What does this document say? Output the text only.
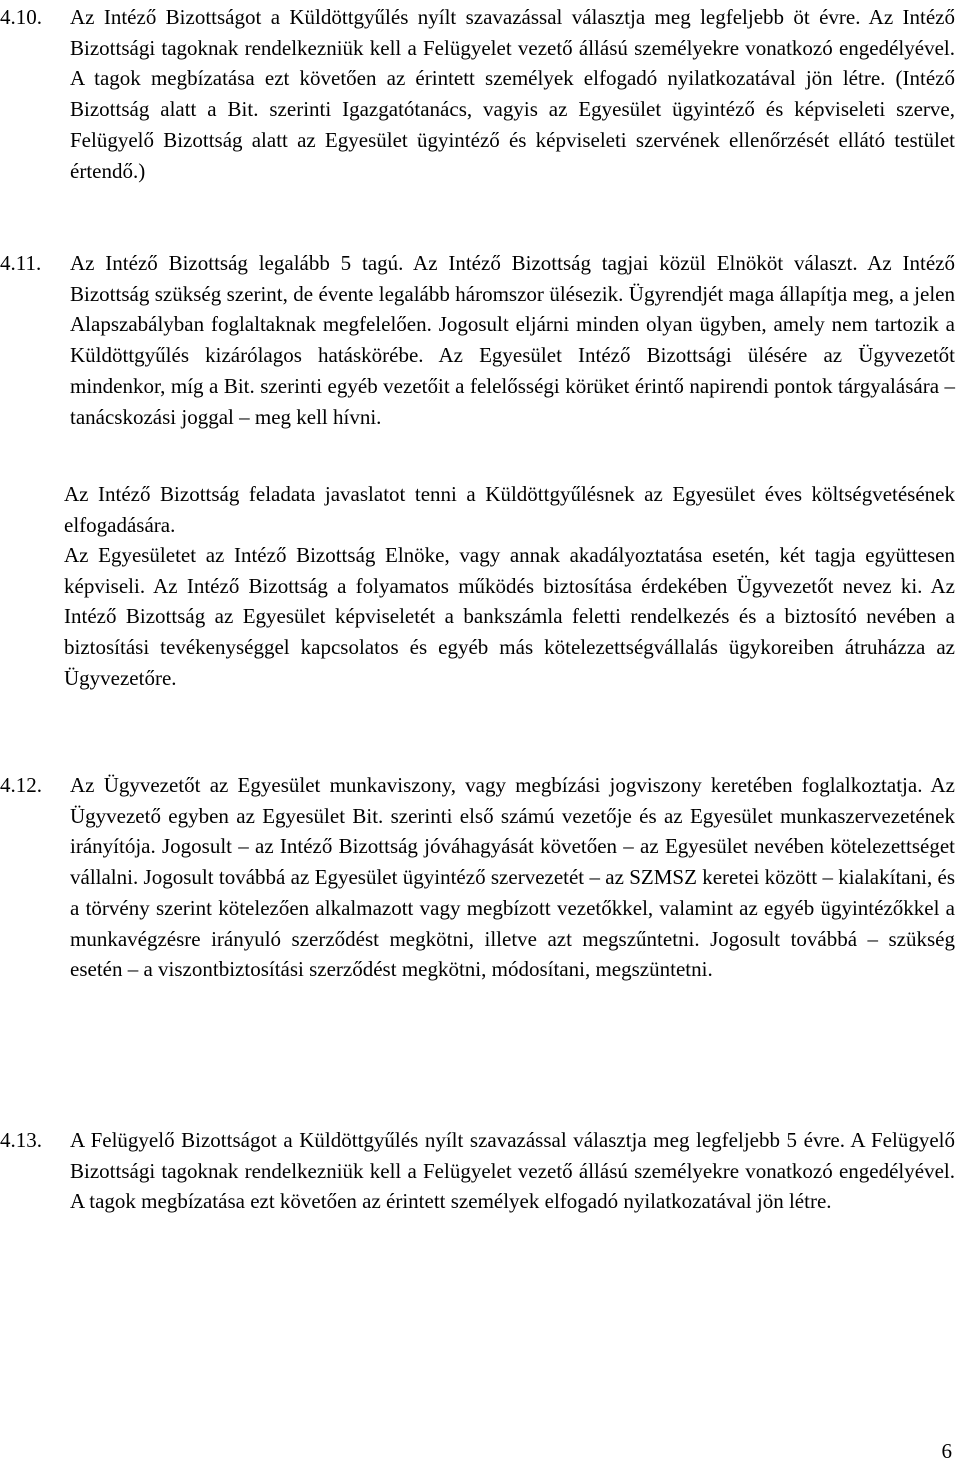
4.10. Az Intéző Bizottságot a Küldöttgyűlés nyílt szavazással választja meg legfeljebb öt évre. Az Intéző Bizottsági tagoknak rendelkezniük kell a Felügyelet vezető állású személyekre vonatkozó engedélyével. A tagok megbízatása ezt követően az érintett személyek elfogadó nyilatkozatával jön létre. (Intéző Bizottság alatt a Bit. szerinti Igazgatótanács, vagyis az Egyesület ügyintéző és képviseleti szerve, Felügyelő Bizottság alatt az Egyesület ügyintéző és képviseleti szervének ellenőrzését ellátó testület értendő.)
4.11. Az Intéző Bizottság legalább 5 tagú. Az Intéző Bizottság tagjai közül Elnököt választ. Az Intéző Bizottság szükség szerint, de évente legalább háromszor ülésezik. Ügyrendjét maga állapítja meg, a jelen Alapszabályban foglaltaknak megfelelően. Jogosult eljárni minden olyan ügyben, amely nem tartozik a Küldöttgyűlés kizárólagos hatáskörébe. Az Egyesület Intéző Bizottsági ülésére az Ügyvezetőt mindenkor, míg a Bit. szerinti egyéb vezetőit a felelősségi körüket érintő napirendi pontok tárgyalására – tanácskozási joggal – meg kell hívni.
Az Intéző Bizottság feladata javaslatot tenni a Küldöttgyűlésnek az Egyesület éves költségvetésének elfogadására.
Az Egyesületet az Intéző Bizottság Elnöke, vagy annak akadályoztatása esetén, két tagja együttesen képviseli. Az Intéző Bizottság a folyamatos működés biztosítása érdekében Ügyvezetőt nevez ki. Az Intéző Bizottság az Egyesület képviseletét a bankszámla feletti rendelkezés és a biztosító nevében a biztosítási tevékenységgel kapcsolatos és egyéb más kötelezettségvállalás ügykoreiben átruházza az Ügyvezetőre.
4.12. Az Ügyvezetőt az Egyesület munkaviszony, vagy megbízási jogviszony keretében foglalkoztatja. Az Ügyvezető egyben az Egyesület Bit. szerinti első számú vezetője és az Egyesület munkaszervezetének irányítója. Jogosult – az Intéző Bizottság jóváhagyását követően – az Egyesület nevében kötelezettséget vállalni. Jogosult továbbá az Egyesület ügyintéző szervezetét – az SZMSZ keretei között – kialakítani, és a törvény szerint kötelezően alkalmazott vagy megbízott vezetőkkel, valamint az egyéb ügyintézőkkel a munkavégzésre irányuló szerződést megkötni, illetve azt megszűntetni. Jogosult továbbá – szükség esetén – a viszontbiztosítási szerződést megkötni, módosítani, megszüntetni.
4.13. A Felügyelő Bizottságot a Küldöttgyűlés nyílt szavazással választja meg legfeljebb 5 évre. A Felügyelő Bizottsági tagoknak rendelkezniük kell a Felügyelet vezető állású személyekre vonatkozó engedélyével. A tagok megbízatása ezt követően az érintett személyek elfogadó nyilatkozatával jön létre.
6
